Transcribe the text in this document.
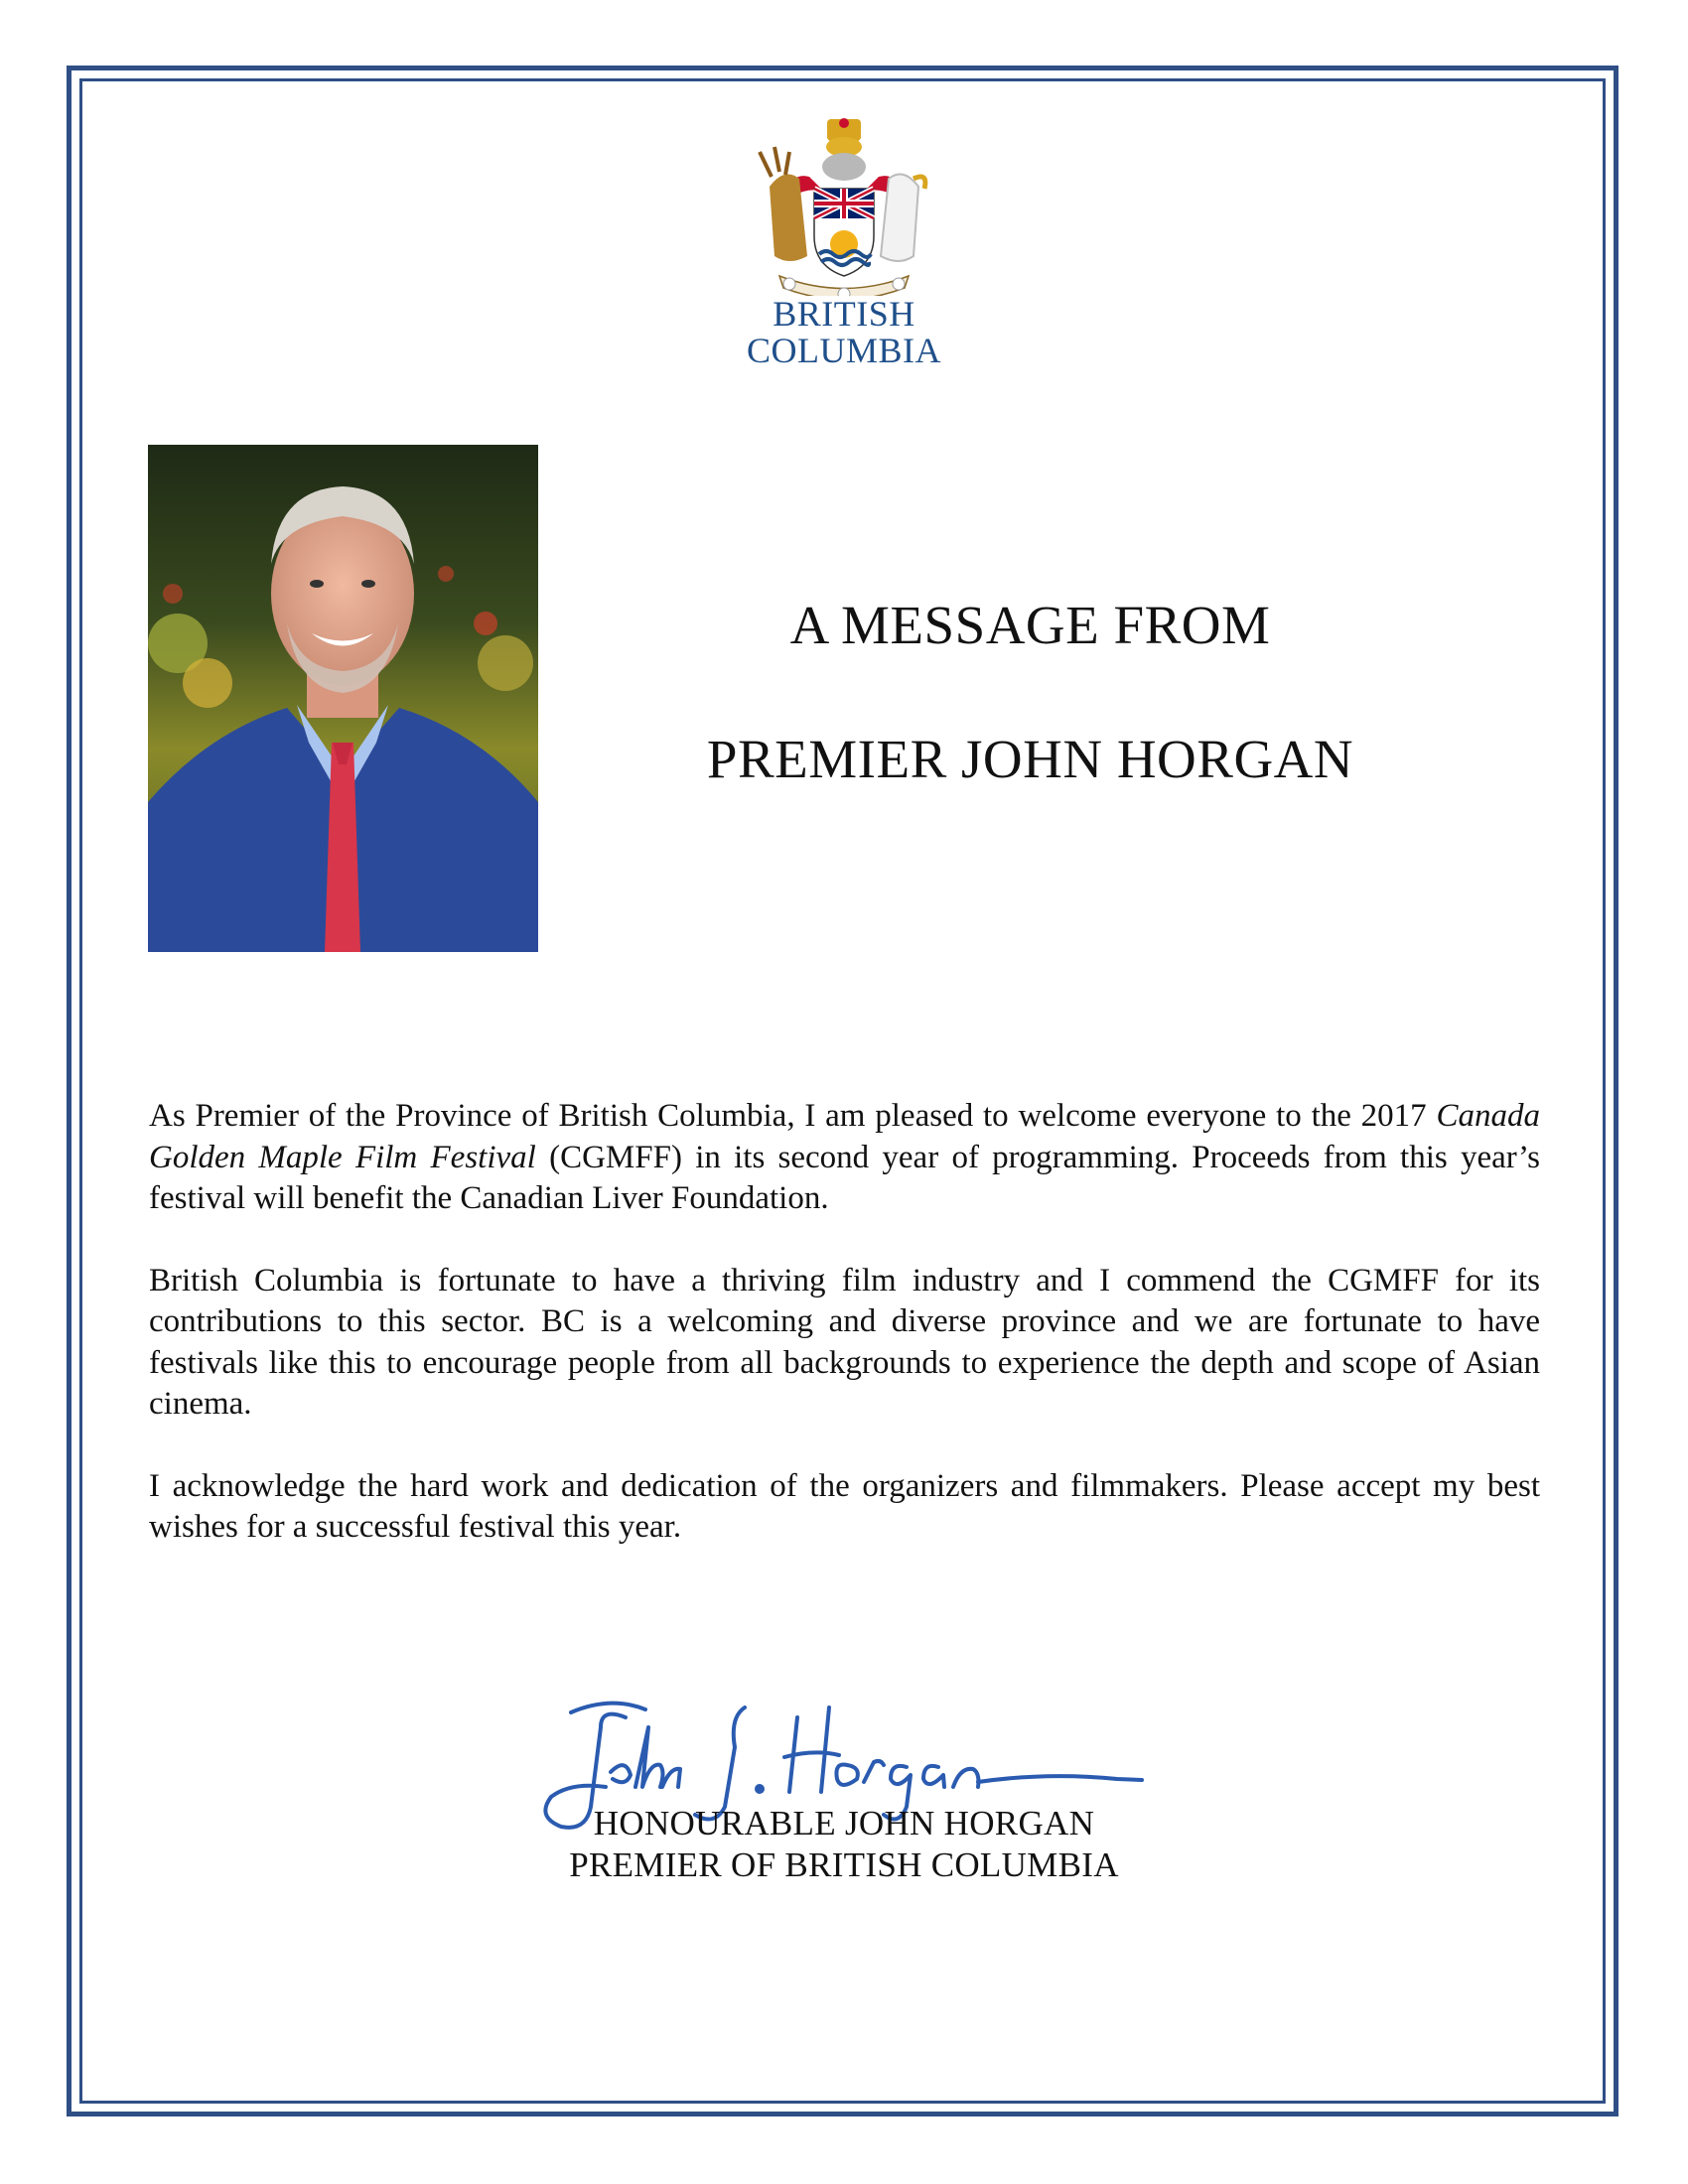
BRITISH
COLUMBIA
A MESSAGE FROM
PREMIER JOHN HORGAN

As Premier of the Province of British Columbia, I am pleased to welcome everyone to the 2017 Canada Golden Maple Film Festival (CGMFF) in its second year of programming. Proceeds from this year’s festival will benefit the Canadian Liver Foundation.

British Columbia is fortunate to have a thriving film industry and I commend the CGMFF for its contributions to this sector. BC is a welcoming and diverse province and we are fortunate to have festivals like this to encourage people from all backgrounds to experience the depth and scope of Asian cinema.

I acknowledge the hard work and dedication of the organizers and filmmakers. Please accept my best wishes for a successful festival this year.

HONOURABLE JOHN HORGAN
PREMIER OF BRITISH COLUMBIA
